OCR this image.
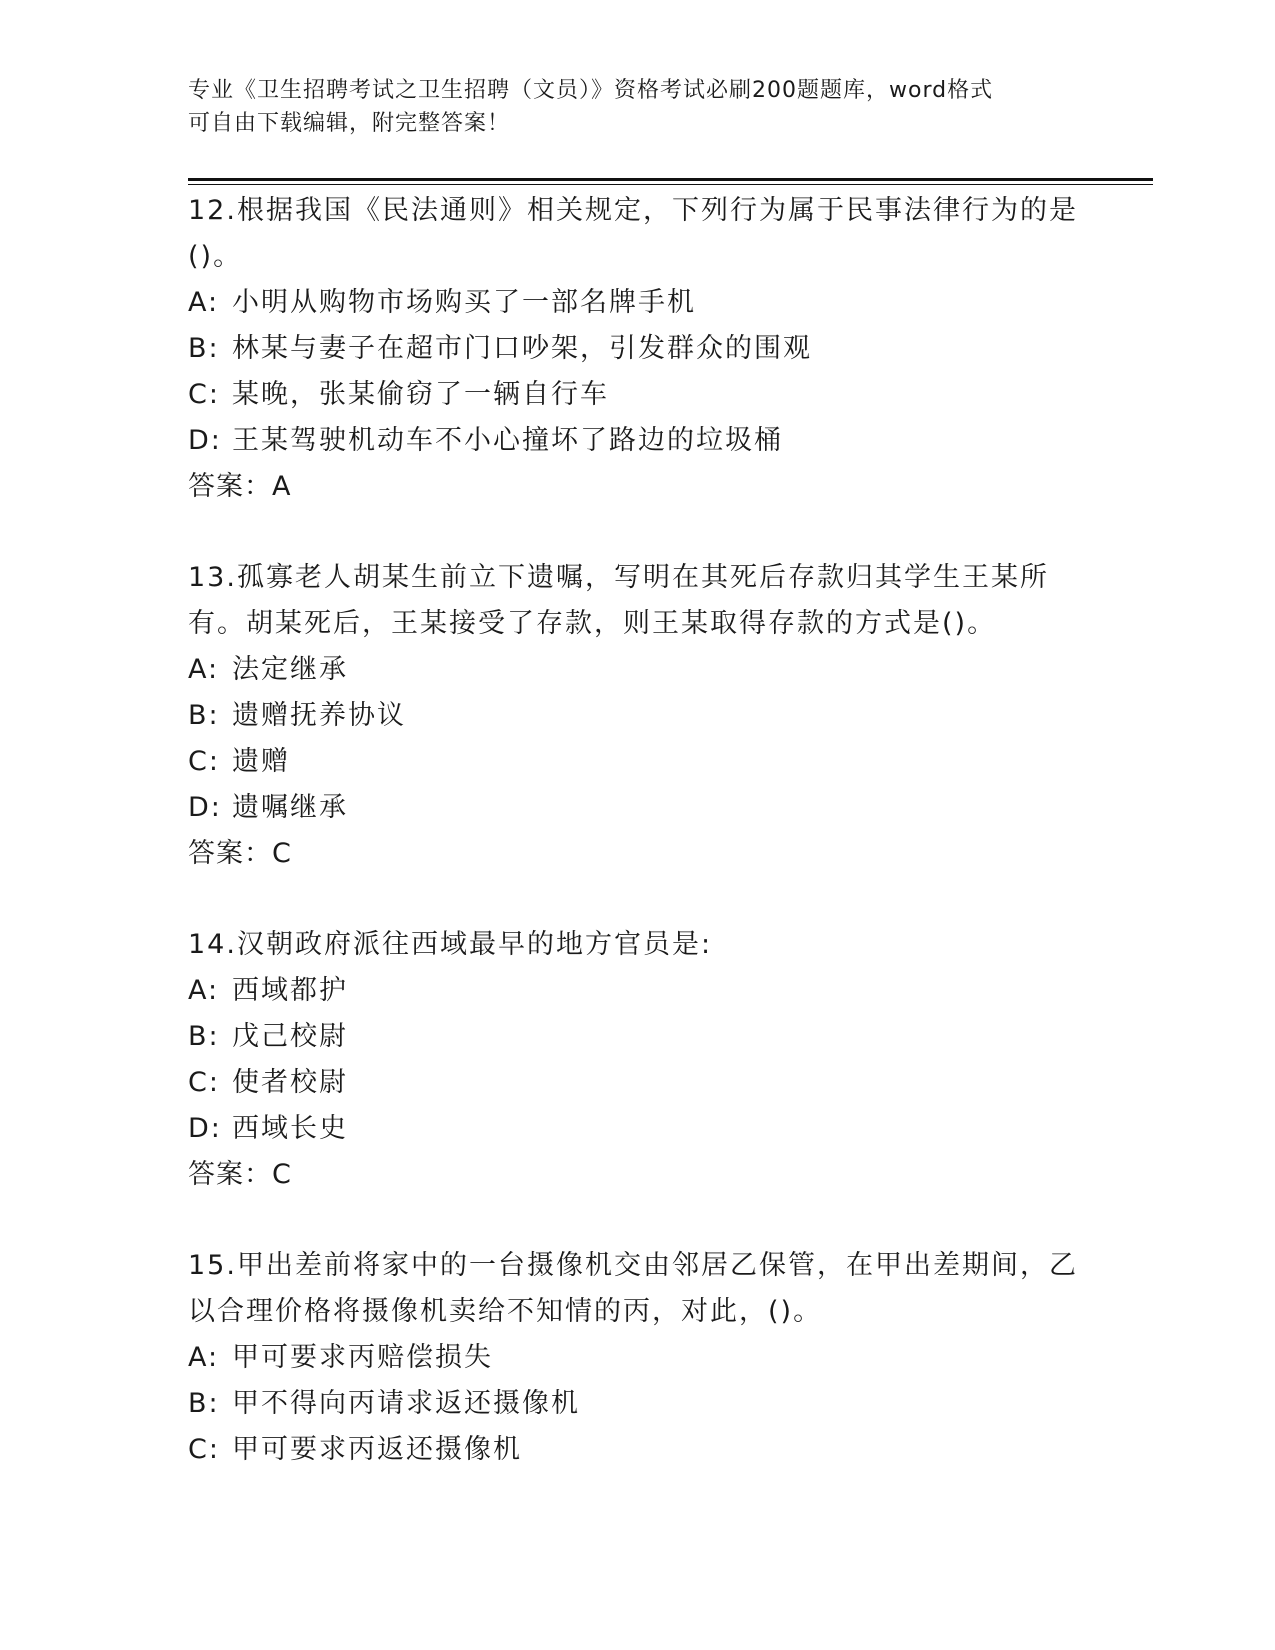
专业《卫生招聘考试之卫生招聘（文员）》资格考试必刷200题题库，word格式
可自由下载编辑，附完整答案！

12.根据我国《民法通则》相关规定，下列行为属于民事法律行为的是()。

A: 小明从购物市场购买了一部名牌手机

B: 林某与妻子在超市门口吵架，引发群众的围观

C: 某晚，张某偷窃了一辆自行车

D: 王某驾驶机动车不小心撞坏了路边的垃圾桶

答案：A

13.孤寡老人胡某生前立下遗嘱，写明在其死后存款归其学生王某所有。胡某死后，王某接受了存款，则王某取得存款的方式是()。

A: 法定继承

B: 遗赠抚养协议

C: 遗赠

D: 遗嘱继承

答案：C

14.汉朝政府派往西域最早的地方官员是:

A: 西域都护

B: 戊己校尉

C: 使者校尉

D: 西域长史

答案：C

15.甲出差前将家中的一台摄像机交由邻居乙保管，在甲出差期间，乙以合理价格将摄像机卖给不知情的丙，对此，()。

A: 甲可要求丙赔偿损失

B: 甲不得向丙请求返还摄像机

C: 甲可要求丙返还摄像机
